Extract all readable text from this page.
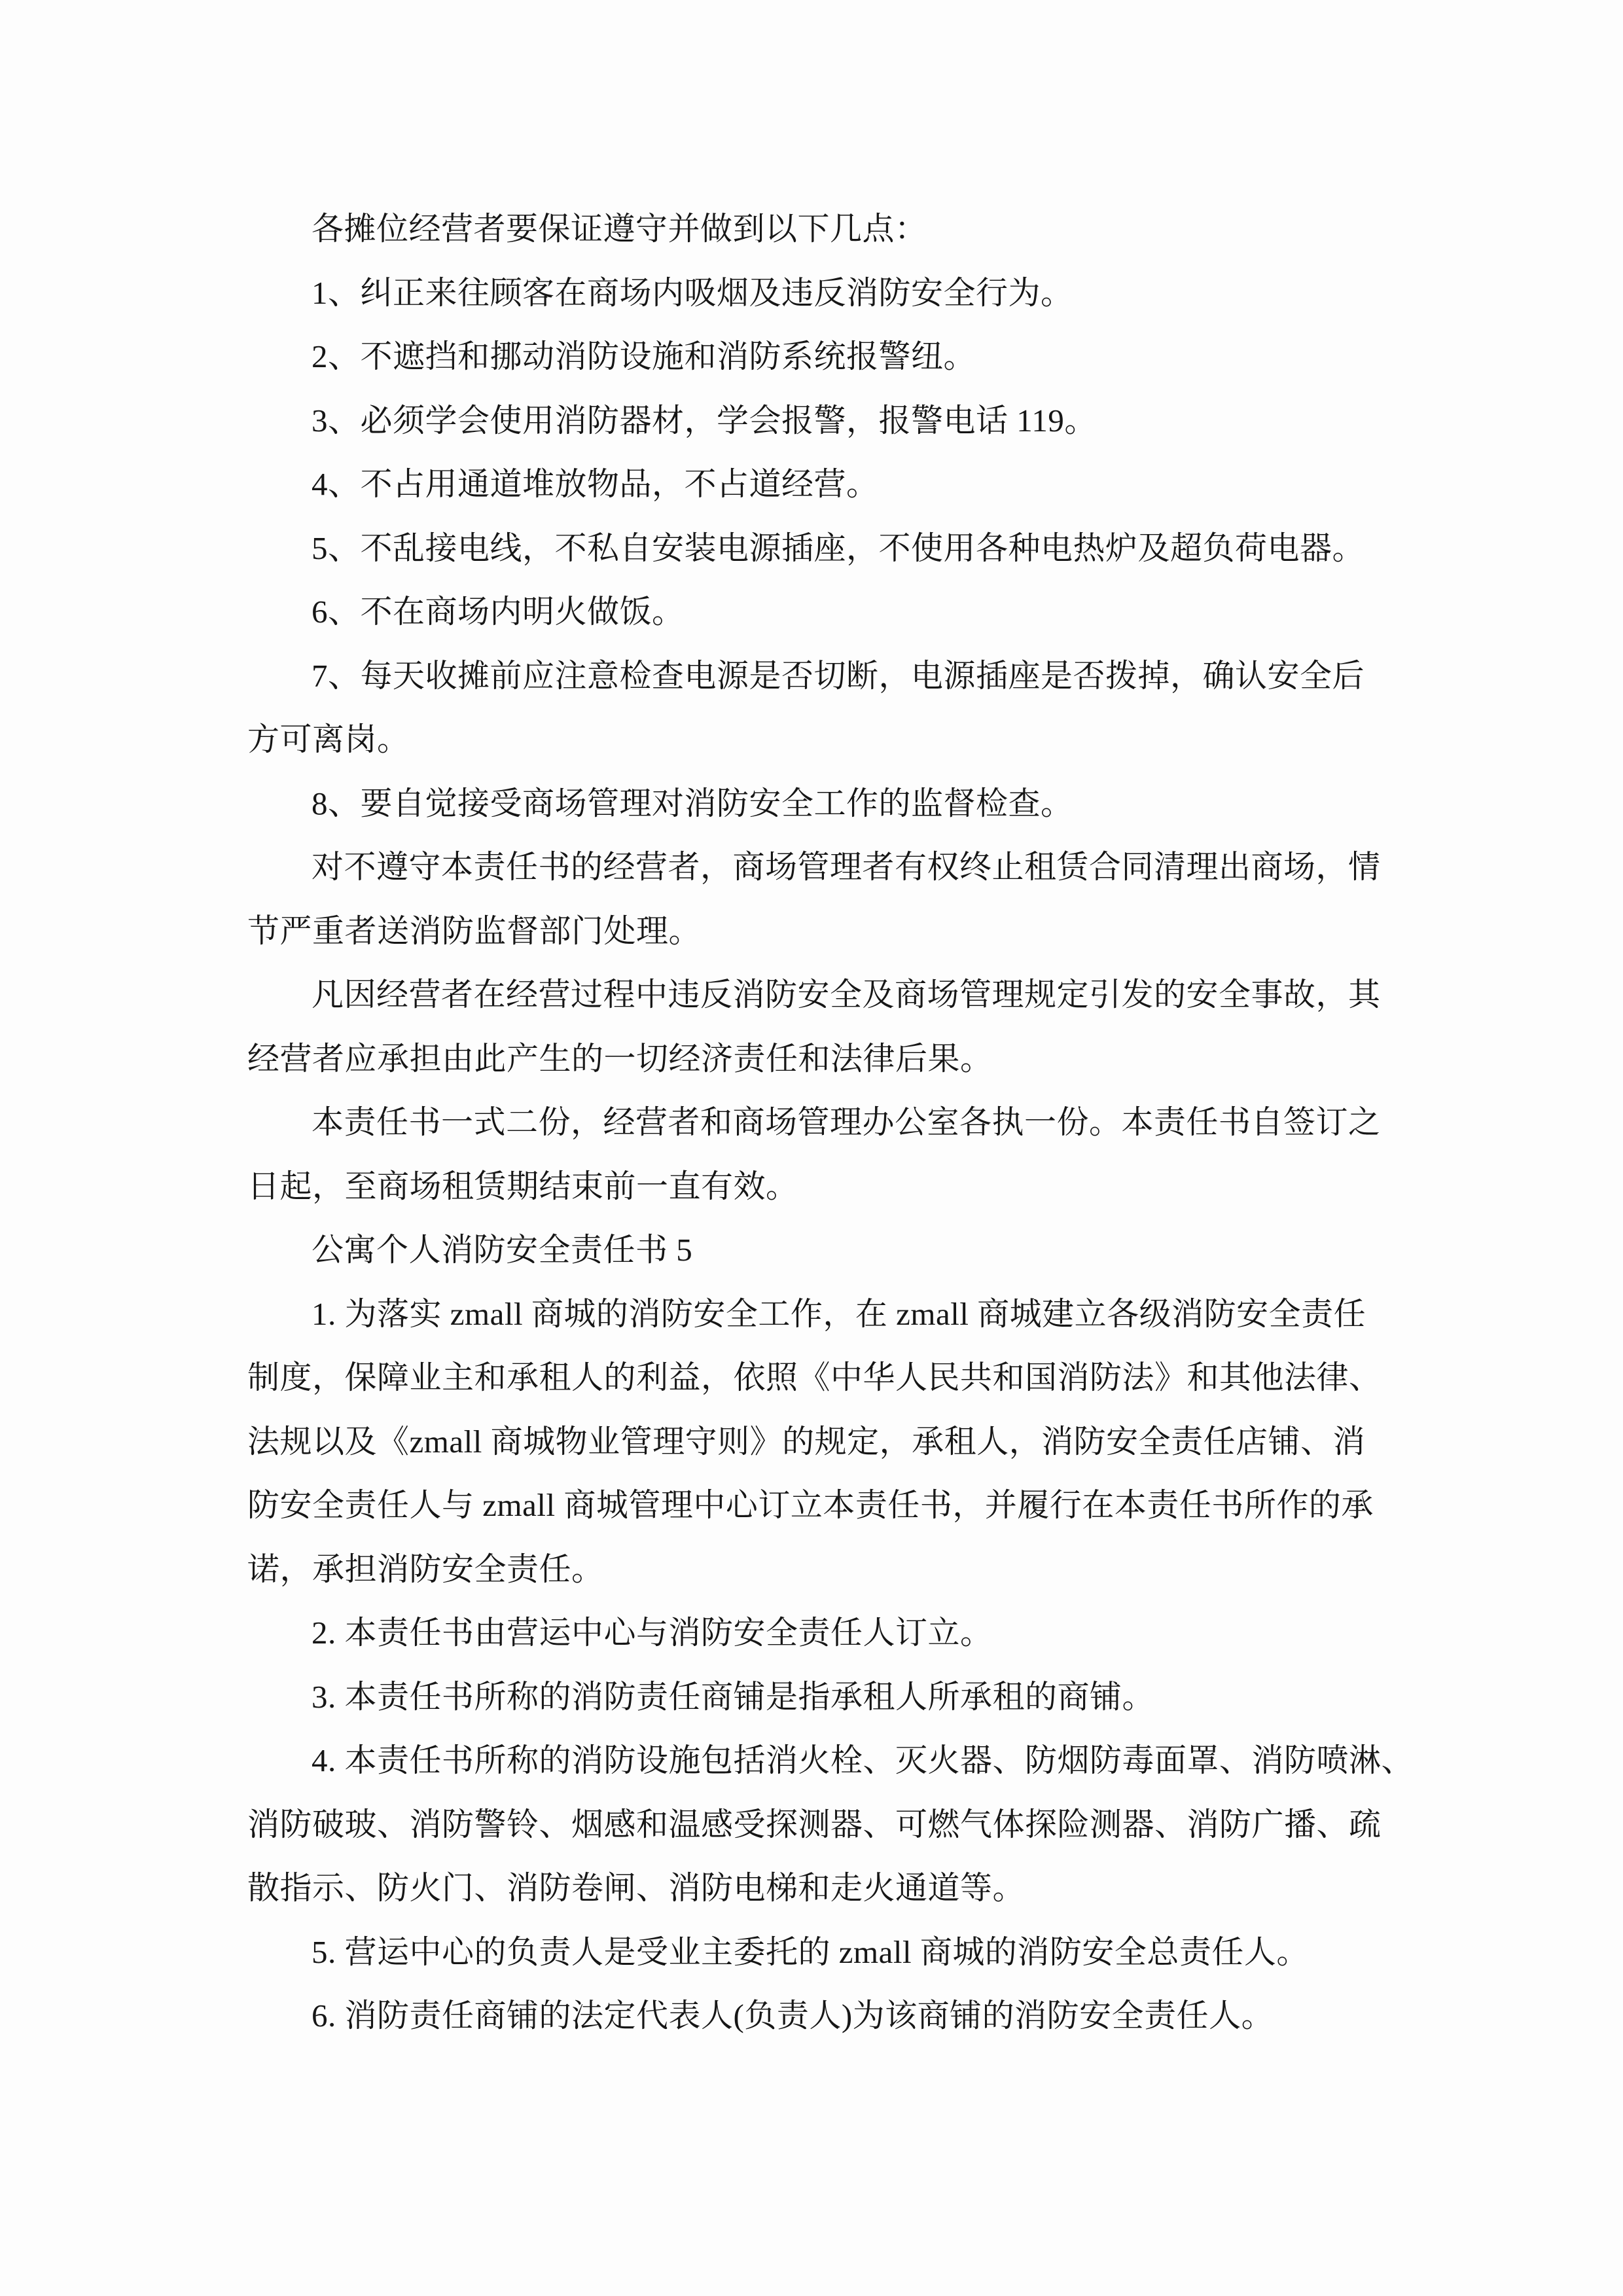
各摊位经营者要保证遵守并做到以下几点：
1、纠正来往顾客在商场内吸烟及违反消防安全行为。
2、不遮挡和挪动消防设施和消防系统报警纽。
3、必须学会使用消防器材，学会报警，报警电话 119。
4、不占用通道堆放物品，不占道经营。
5、不乱接电线，不私自安装电源插座，不使用各种电热炉及超负荷电器。
6、不在商场内明火做饭。
7、每天收摊前应注意检查电源是否切断，电源插座是否拨掉，确认安全后
方可离岗。
8、要自觉接受商场管理对消防安全工作的监督检查。
对不遵守本责任书的经营者，商场管理者有权终止租赁合同清理出商场，情
节严重者送消防监督部门处理。
凡因经营者在经营过程中违反消防安全及商场管理规定引发的安全事故，其
经营者应承担由此产生的一切经济责任和法律后果。
本责任书一式二份，经营者和商场管理办公室各执一份。本责任书自签订之
日起，至商场租赁期结束前一直有效。
公寓个人消防安全责任书 5
1. 为落实 zmall 商城的消防安全工作，在 zmall 商城建立各级消防安全责任
制度，保障业主和承租人的利益，依照《中华人民共和国消防法》和其他法律、
法规以及《zmall 商城物业管理守则》的规定，承租人，消防安全责任店铺、消
防安全责任人与 zmall 商城管理中心订立本责任书，并履行在本责任书所作的承
诺，承担消防安全责任。
2. 本责任书由营运中心与消防安全责任人订立。
3. 本责任书所称的消防责任商铺是指承租人所承租的商铺。
4. 本责任书所称的消防设施包括消火栓、灭火器、防烟防毒面罩、消防喷淋、
消防破玻、消防警铃、烟感和温感受探测器、可燃气体探险测器、消防广播、疏
散指示、防火门、消防卷闸、消防电梯和走火通道等。
5. 营运中心的负责人是受业主委托的 zmall 商城的消防安全总责任人。
6. 消防责任商铺的法定代表人(负责人)为该商铺的消防安全责任人。
